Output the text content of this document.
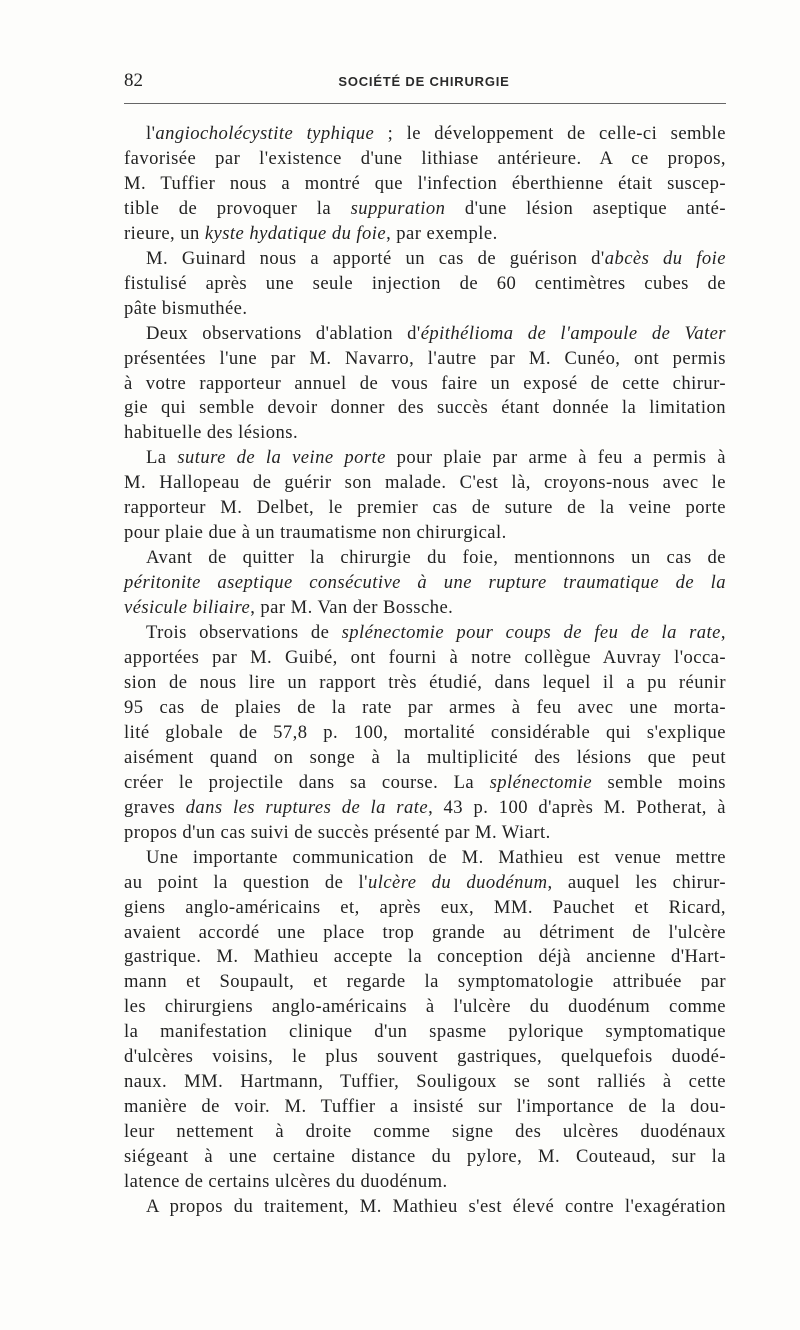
82	SOCIÉTÉ DE CHIRURGIE

l'angiocholécystite typhique ; le développement de celle-ci semble

favorisée par l'existence d'une lithiase antérieure. A ce propos,

M. Tuffier nous a montré que l'infection éberthienne était suscep-

tible de provoquer la suppuration d'une lésion aseptique anté-

rieure, un kyste hydatique du foie, par exemple.

M. Guinard nous a apporté un cas de guérison d'abcès du foie

fistulisé après une seule injection de 60 centimètres cubes de

pâte bismuthée.

Deux observations d'ablation d'épithélioma de l'ampoule de Vater

présentées l'une par M. Navarro, l'autre par M. Cunéo, ont permis

à votre rapporteur annuel de vous faire un exposé de cette chirur-

gie qui semble devoir donner des succès étant donnée la limitation

habituelle des lésions.

La suture de la veine porte pour plaie par arme à feu a permis à

M. Hallopeau de guérir son malade. C'est là, croyons-nous avec le

rapporteur M. Delbet, le premier cas de suture de la veine porte

pour plaie due à un traumatisme non chirurgical.

Avant de quitter la chirurgie du foie, mentionnons un cas de

péritonite aseptique consécutive à une rupture traumatique de la

vésicule biliaire, par M. Van der Bossche.

Trois observations de splénectomie pour coups de feu de la rate,

apportées par M. Guibé, ont fourni à notre collègue Auvray l'occa-

sion de nous lire un rapport très étudié, dans lequel il a pu réunir

95 cas de plaies de la rate par armes à feu avec une morta-

lité globale de 57,8 p. 100, mortalité considérable qui s'explique

aisément quand on songe à la multiplicité des lésions que peut

créer le projectile dans sa course. La splénectomie semble moins

graves dans les ruptures de la rate, 43 p. 100 d'après M. Potherat, à

propos d'un cas suivi de succès présenté par M. Wiart.

Une importante communication de M. Mathieu est venue mettre

au point la question de l'ulcère du duodénum, auquel les chirur-

giens anglo-américains et, après eux, MM. Pauchet et Ricard,

avaient accordé une place trop grande au détriment de l'ulcère

gastrique. M. Mathieu accepte la conception déjà ancienne d'Hart-

mann et Soupault, et regarde la symptomatologie attribuée par

les chirurgiens anglo-américains à l'ulcère du duodénum comme

la manifestation clinique d'un spasme pylorique symptomatique

d'ulcères voisins, le plus souvent gastriques, quelquefois duodé-

naux. MM. Hartmann, Tuffier, Souligoux se sont ralliés à cette

manière de voir. M. Tuffier a insisté sur l'importance de la dou-

leur nettement à droite comme signe des ulcères duodénaux

siégeant à une certaine distance du pylore, M. Couteaud, sur la

latence de certains ulcères du duodénum.

A propos du traitement, M. Mathieu s'est élevé contre l'exagération
